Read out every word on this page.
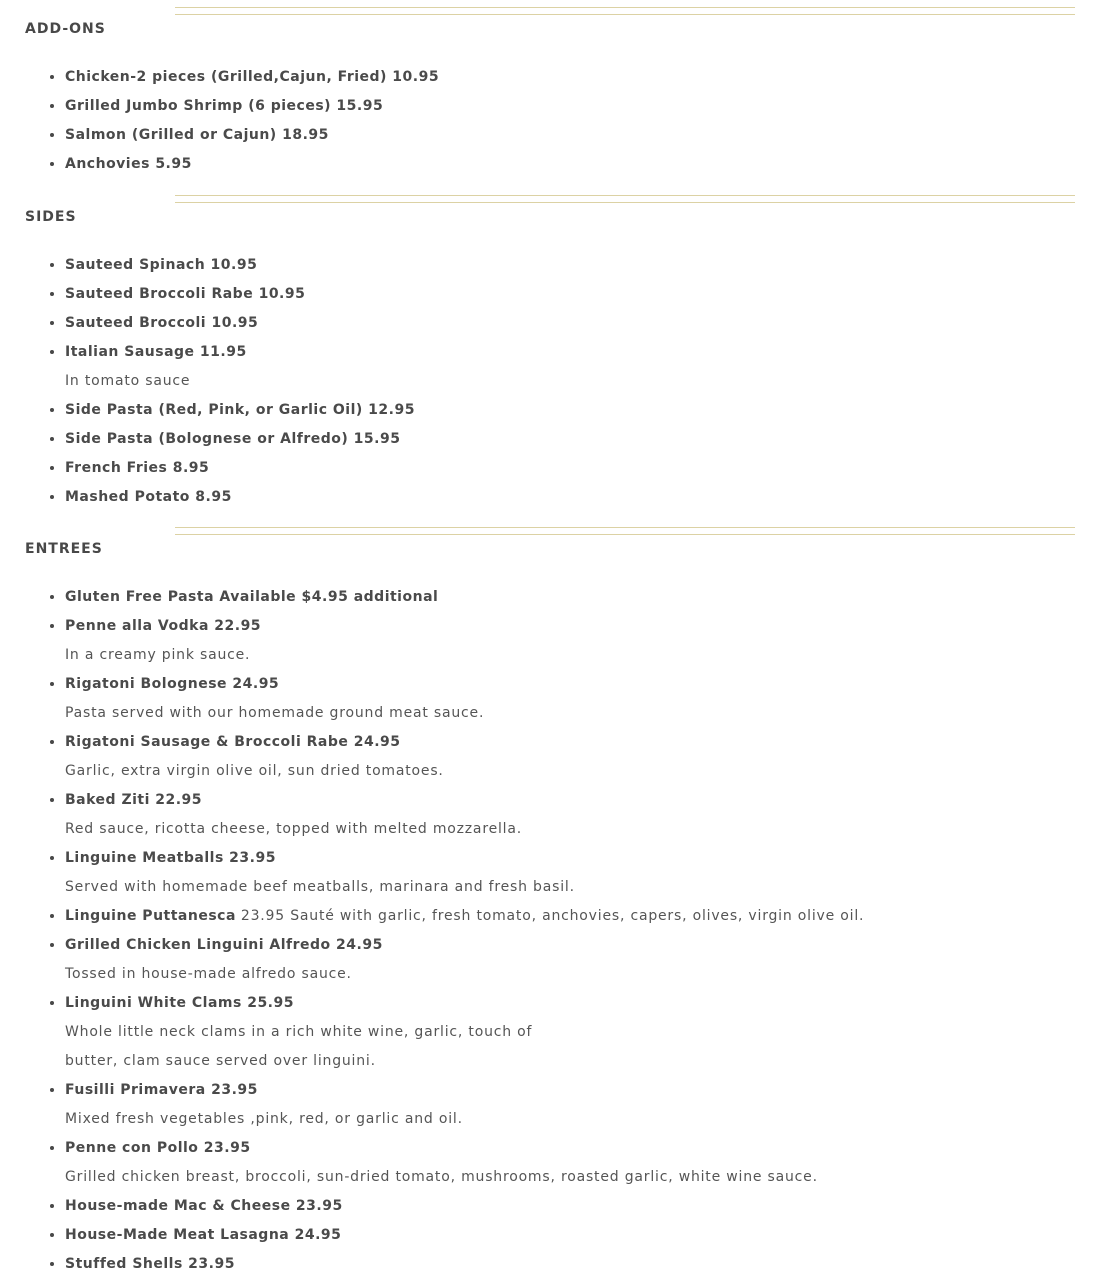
ADD-ONS
• Chicken-2 pieces (Grilled,Cajun, Fried) 10.95
• Grilled Jumbo Shrimp (6 pieces) 15.95
• Salmon (Grilled or Cajun) 18.95
• Anchovies 5.95
SIDES
• Sauteed Spinach 10.95
• Sauteed Broccoli Rabe 10.95
• Sauteed Broccoli 10.95
• Italian Sausage 11.95
In tomato sauce
• Side Pasta (Red, Pink, or Garlic Oil) 12.95
• Side Pasta (Bolognese or Alfredo) 15.95
• French Fries 8.95
• Mashed Potato 8.95
ENTREES
• Gluten Free Pasta Available $4.95 additional
• Penne alla Vodka 22.95
In a creamy pink sauce.
• Rigatoni Bolognese 24.95
Pasta served with our homemade ground meat sauce.
• Rigatoni Sausage & Broccoli Rabe 24.95
Garlic, extra virgin olive oil, sun dried tomatoes.
• Baked Ziti 22.95
Red sauce, ricotta cheese, topped with melted mozzarella.
• Linguine Meatballs 23.95
Served with homemade beef meatballs, marinara and fresh basil.
• Linguine Puttanesca 23.95 Sauté with garlic, fresh tomato, anchovies, capers, olives, virgin olive oil.
• Grilled Chicken Linguini Alfredo 24.95
Tossed in house-made alfredo sauce.
• Linguini White Clams 25.95
Whole little neck clams in a rich white wine, garlic, touch of
butter, clam sauce served over linguini.
• Fusilli Primavera 23.95
Mixed fresh vegetables ,pink, red, or garlic and oil.
• Penne con Pollo 23.95
Grilled chicken breast, broccoli, sun-dried tomato, mushrooms, roasted garlic, white wine sauce.
• House-made Mac & Cheese 23.95
• House-Made Meat Lasagna 24.95
• Stuffed Shells 23.95
